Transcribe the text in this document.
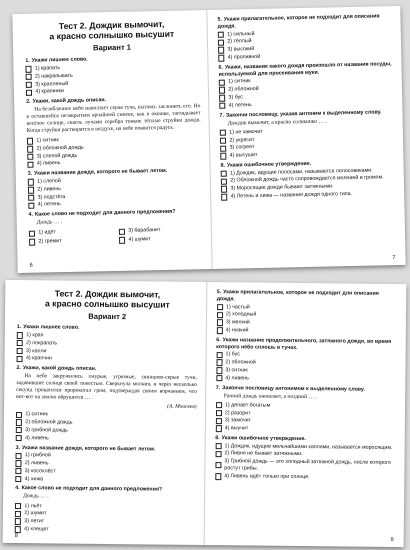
Тест 2. Дождик вымочит,
а красно солнышко высушит
Вариант 1
1. Укажи лишнее слово.
1) крапать
2) накрапывать
3) крапленый
4) крапинки
2. Укажи, какой дождь описан.
На безоблачное небо наползает серая туча, пытаясь заслонить его. Но в оставшейся незакрытым ярчайшей синеве, как в окошке, заглядывает весёлое солнце, сквозь лучами серебра тонкие тёплые струйки дождя. Когда струйки растворятся в воздухе, на небе появится радуга.
1) ситник
2) обложной дождь
3) слепой дождь
4) ливень
3. Укажи название дождя, которого не бывает летом.
1) слепой
2) ливень
3) подстёга
4) летень
4. Какое слово не подходит для данного предложения?
Дождь … .
1) идёт	3) барабанит
2) гремит	4) шумит
6
5. Укажи прилагательное, которое не подходит для описания дождя.
1) сильный
2) тёплый
3) высокий
4) проливной
6. Укажи, название какого дождя произошло от названия посуды, используемой для просеивания муки.
1) ситник
2) обложной
3) бус
4) летень
7. Закончи пословицу, указав антоним к выделенному слову.
Дождик вымочит, а красно солнышко … .
1) не замочит
2) укрясит
3) согреет
4) высушит
8. Укажи ошибочное утверждение.
1) Дождик, идущие полосами, называются полосовиками.
2) Обложной дождь часто сопровождается молнией и громом.
3) Моросящие дожди бывают затяжными.
4) Летень и хижа — названия дождя одного типа.
7
Тест 2. Дождик вымочит,
а красно солнышко высушит
Вариант 2
1. Укажи лишнее слово.
1) крап
2) покрапать
3) капли
4) крапчин
2. Укажи, какой дождь описан.
На небе закружились хмурые, угрюмые, свинцово-серые тучи, задавившие солнце своей тяжестью. Сверкнула молния, и через несколько секунд прокатился пророкотал гром, подтверждая своим ворчанием, что вот-вот на землю обрушится … .
(А. Моисеев)
1) ситник
2) обложной дождь
3) грибной дождь
4) ливень
3. Укажи название дождя, которого не бывает летом.
1) грибной
2) ливень
3) косохлёст
4) хижа
4. Какое слово не подходит для данного предложения?
Дождь … .
1) льёт
2) шумит
3) летит
4) хлещет
8
5. Укажи прилагательное, которое не подходит для описания дождя.
1) частый
2) холодный
3) мелкий
4) низкий
6. Укажи название продолжительного, затяжного дождя, во время которого небо сплошь в тучах.
1) бус
2) обложной
3) ситник
4) ливень
7. Закончи пословицу антонимом к выделенному слову.
Ранний дождь оживляет, а поздний … .
1) делает богатым
2) разорит
3) замочит
4) выучит
8. Укажи ошибочное утверждение.
1) Дождик, идущие мельчайшими каплями, называется моросящим.
2) Ливня не бывает затяжными.
3) Грибной дождь — это холодный затяжной дождь, после которого растут грибы.
4) Ливень идёт только при солнце.
9
